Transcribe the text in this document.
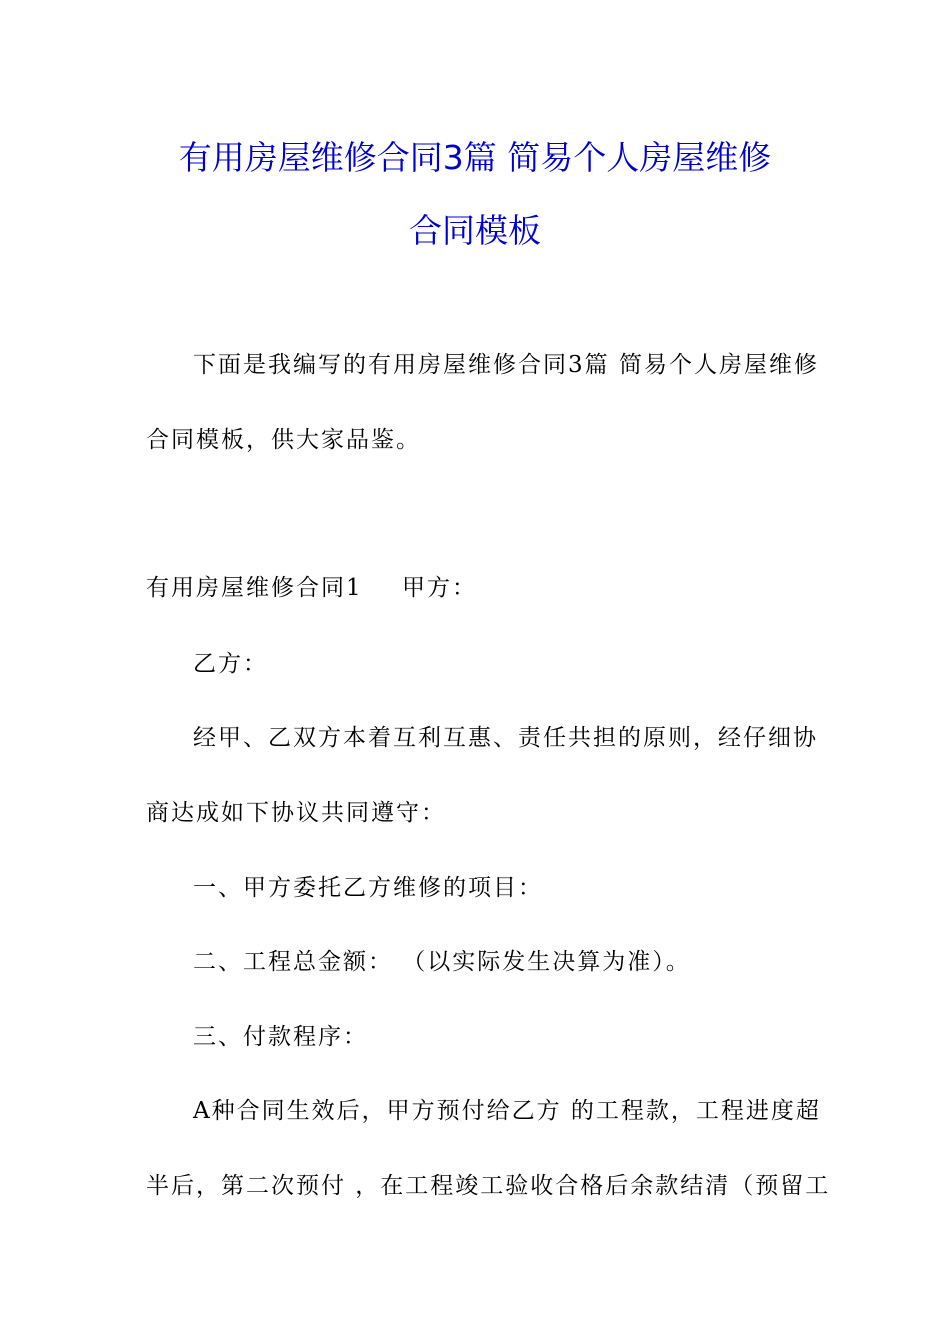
有用房屋维修合同3篇 简易个人房屋维修
合同模板
下面是我编写的有用房屋维修合同3篇 简易个人房屋维修
合同模板，供大家品鉴。
有用房屋维修合同1 甲方：
乙方：
经甲、乙双方本着互利互惠、责任共担的原则，经仔细协
商达成如下协议共同遵守：
一、甲方委托乙方维修的项目：
二、工程总金额： （以实际发生决算为准）。
三、付款程序：
A种合同生效后，甲方预付给乙方 的工程款，工程进度超
半后，第二次预付 ，在工程竣工验收合格后余款结清（预留工
